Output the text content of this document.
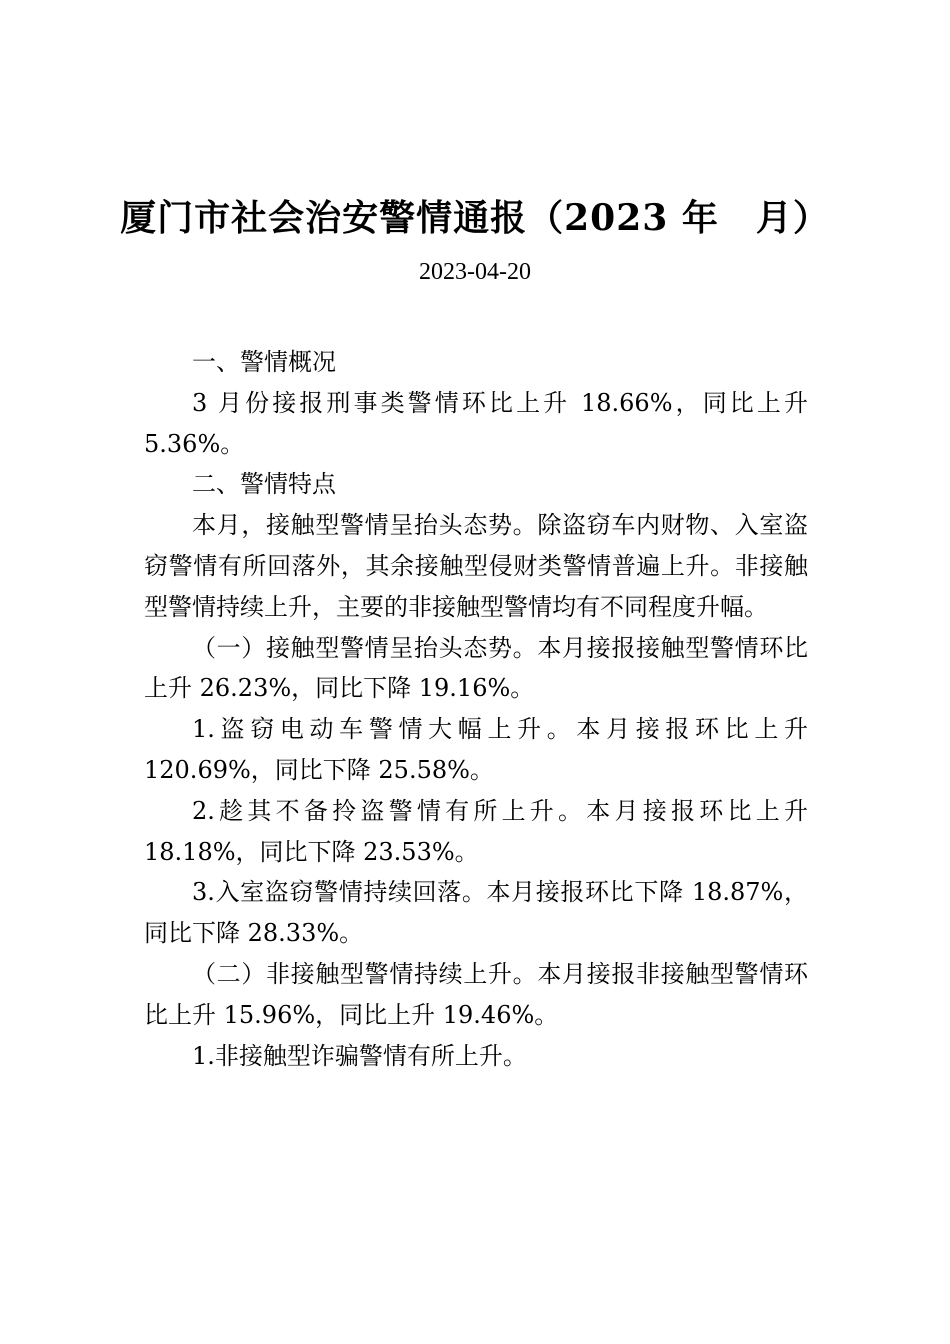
厦门市社会治安警情通报（2023 年　月）
2023-04-20

一、警情概况

3 月份接报刑事类警情环比上升 18.66%，同比上升 5.36%。

二、警情特点

本月，接触型警情呈抬头态势。除盗窃车内财物、入室盗窃警情有所回落外，其余接触型侵财类警情普遍上升。非接触型警情持续上升，主要的非接触型警情均有不同程度升幅。

（一）接触型警情呈抬头态势。本月接报接触型警情环比上升 26.23%，同比下降 19.16%。

1.盗窃电动车警情大幅上升。本月接报环比上升 120.69%，同比下降 25.58%。

2.趁其不备拎盗警情有所上升。本月接报环比上升 18.18%，同比下降 23.53%。

3.入室盗窃警情持续回落。本月接报环比下降 18.87%，同比下降 28.33%。

（二）非接触型警情持续上升。本月接报非接触型警情环比上升 15.96%，同比上升 19.46%。

1.非接触型诈骗警情有所上升。
